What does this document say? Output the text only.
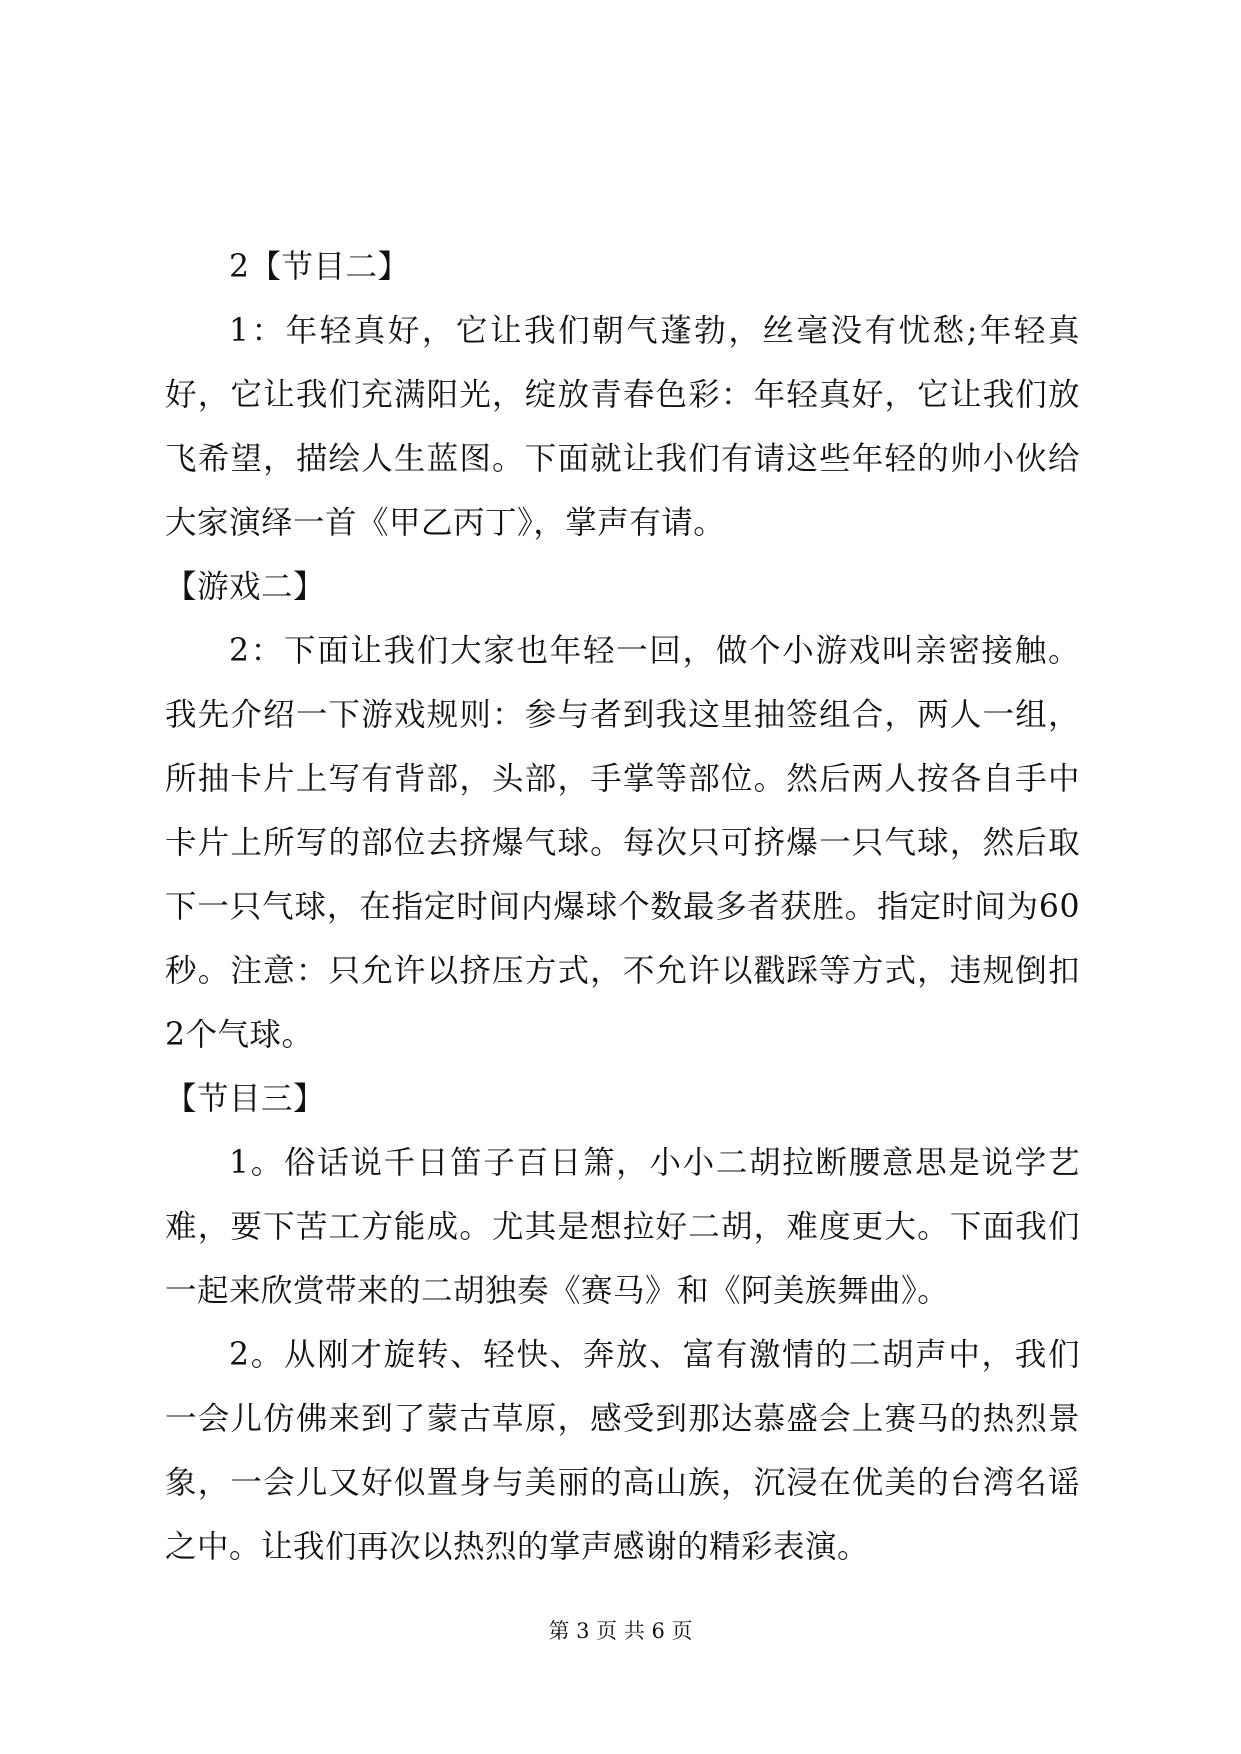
2【节目二】

1：年轻真好，它让我们朝气蓬勃，丝毫没有忧愁;年轻真好，它让我们充满阳光，绽放青春色彩：年轻真好，它让我们放飞希望，描绘人生蓝图。下面就让我们有请这些年轻的帅小伙给大家演绎一首《甲乙丙丁》，掌声有请。

【游戏二】

2：下面让我们大家也年轻一回，做个小游戏叫亲密接触。我先介绍一下游戏规则：参与者到我这里抽签组合，两人一组，所抽卡片上写有背部，头部，手掌等部位。然后两人按各自手中卡片上所写的部位去挤爆气球。每次只可挤爆一只气球，然后取下一只气球，在指定时间内爆球个数最多者获胜。指定时间为60秒。注意：只允许以挤压方式，不允许以戳踩等方式，违规倒扣2个气球。

【节目三】

1。俗话说千日笛子百日箫，小小二胡拉断腰意思是说学艺难，要下苦工方能成。尤其是想拉好二胡，难度更大。下面我们一起来欣赏带来的二胡独奏《赛马》和《阿美族舞曲》。

2。从刚才旋转、轻快、奔放、富有激情的二胡声中，我们一会儿仿佛来到了蒙古草原，感受到那达慕盛会上赛马的热烈景象，一会儿又好似置身与美丽的高山族，沉浸在优美的台湾名谣之中。让我们再次以热烈的掌声感谢的精彩表演。

第 3 页 共 6 页
